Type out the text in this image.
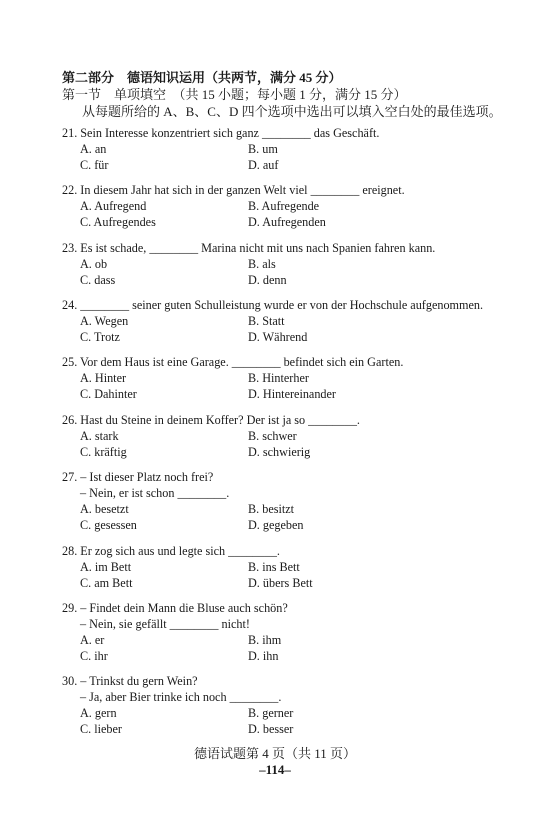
第二部分　德语知识运用（共两节，满分 45 分）
第一节　单项填空　（共 15 小题；每小题 1 分，满分 15 分）
从每题所给的 A、B、C、D 四个选项中选出可以填入空白处的最佳选项。
21. Sein Interesse konzentriert sich ganz ________ das Geschäft.
A. an	B. um
C. für	D. auf
22. In diesem Jahr hat sich in der ganzen Welt viel ________ ereignet.
A. Aufregend	B. Aufregende
C. Aufregendes	D. Aufregenden
23. Es ist schade, ________ Marina nicht mit uns nach Spanien fahren kann.
A. ob	B. als
C. dass	D. denn
24. ________ seiner guten Schulleistung wurde er von der Hochschule aufgenommen.
A. Wegen	B. Statt
C. Trotz	D. Während
25. Vor dem Haus ist eine Garage. ________ befindet sich ein Garten.
A. Hinter	B. Hinterher
C. Dahinter	D. Hintereinander
26. Hast du Steine in deinem Koffer? Der ist ja so ________.
A. stark	B. schwer
C. kräftig	D. schwierig
27. – Ist dieser Platz noch frei?
– Nein, er ist schon ________.
A. besetzt	B. besitzt
C. gesessen	D. gegeben
28. Er zog sich aus und legte sich ________.
A. im Bett	B. ins Bett
C. am Bett	D. übers Bett
29. – Findet dein Mann die Bluse auch schön?
– Nein, sie gefällt ________ nicht!
A. er	B. ihm
C. ihr	D. ihn
30. – Trinkst du gern Wein?
– Ja, aber Bier trinke ich noch ________.
A. gern	B. gerner
C. lieber	D. besser
德语试题第 4 页（共 11 页）
–114–
